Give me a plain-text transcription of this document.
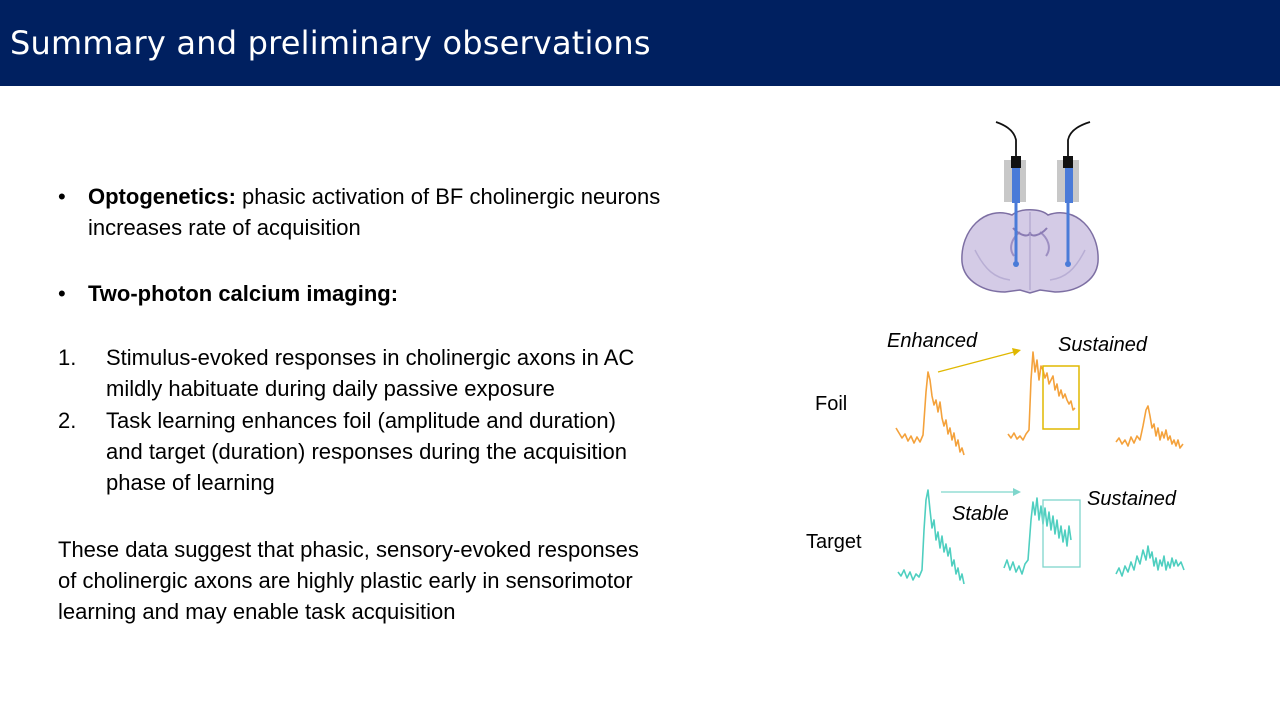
Summary and preliminary observations
• Optogenetics: phasic activation of BF cholinergic neurons
increases rate of acquisition
• Two-photon calcium imaging:
1. Stimulus-evoked responses in cholinergic axons in AC
mildly habituate during daily passive exposure
2. Task learning enhances foil (amplitude and duration)
and target (duration) responses during the acquisition
phase of learning
These data suggest that phasic, sensory-evoked responses
of cholinergic axons are highly plastic early in sensorimotor
learning and may enable task acquisition
Foil
Target
Enhanced	Sustained
Stable
Sustained
